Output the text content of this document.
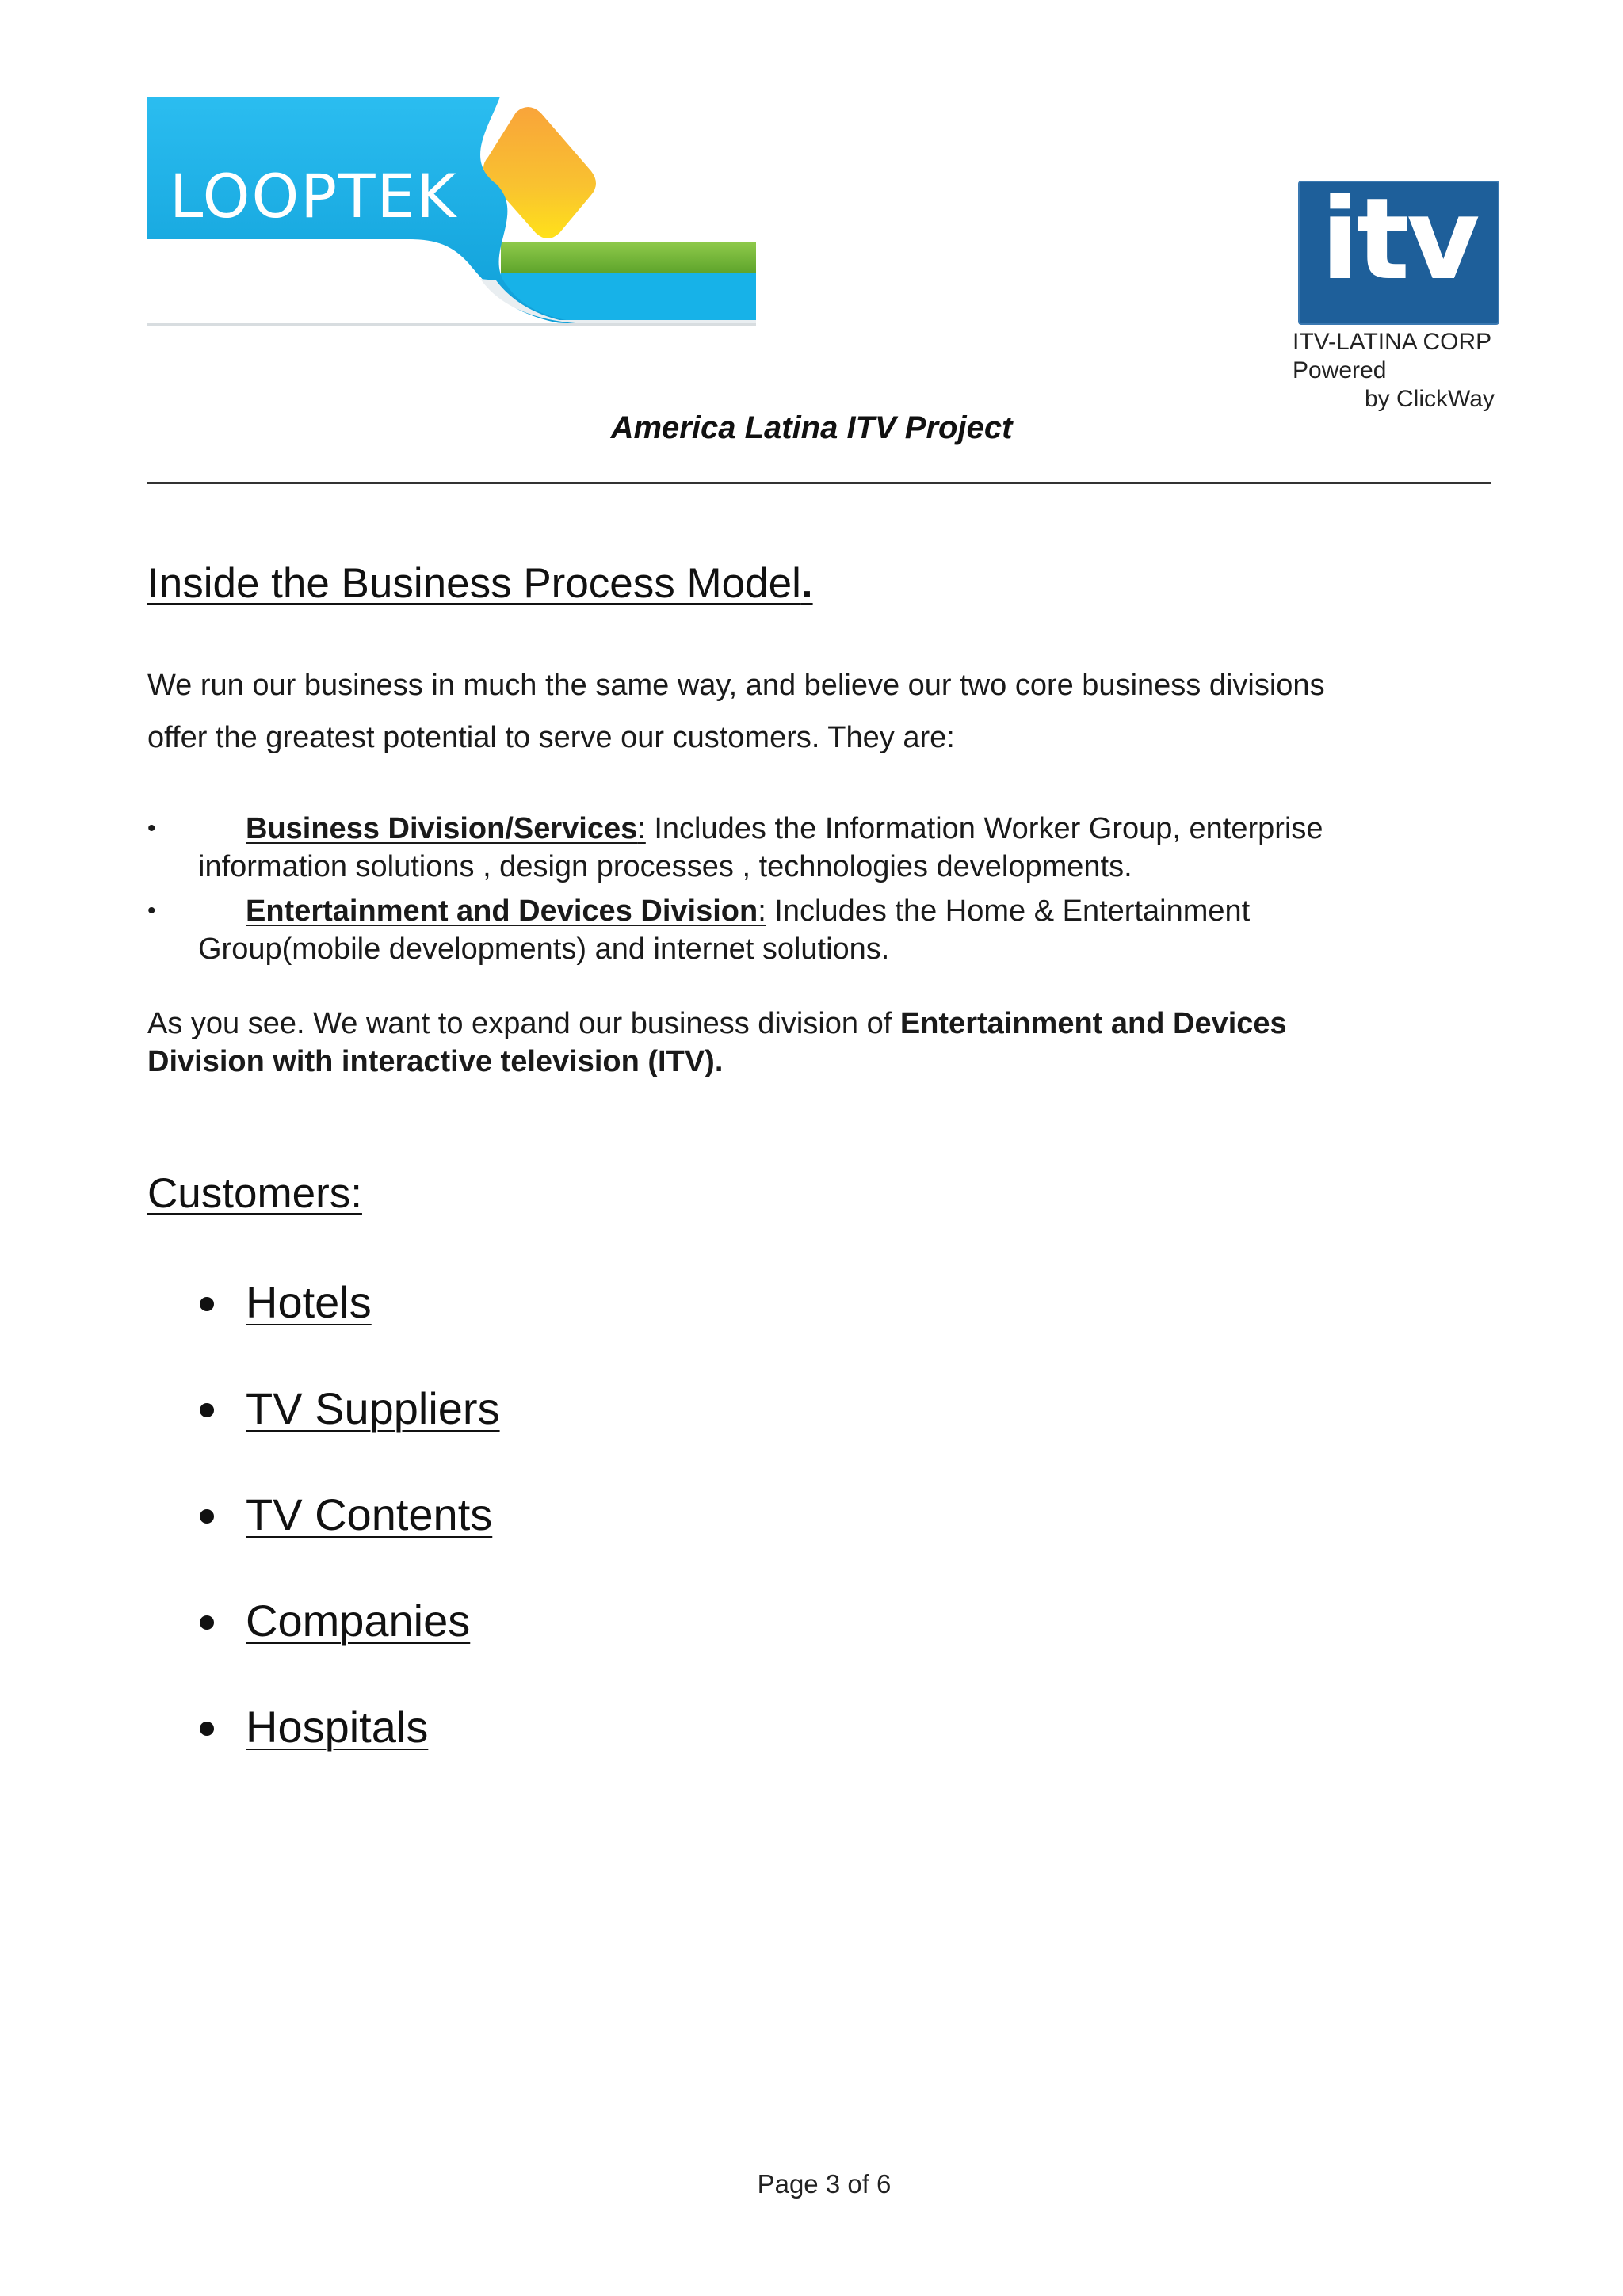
LOOPTEK	itv
ITV-LATINA CORP
Powered
by ClickWay
America Latina ITV Project
Inside the Business Process Model.
We run our business in much the same way, and believe our two core business divisions
offer the greatest potential to serve our customers. They are:
•	Business Division/Services: Includes the Information Worker Group, enterprise
information solutions , design processes , technologies developments.
•	Entertainment and Devices Division: Includes the Home & Entertainment
Group(mobile developments) and internet solutions.
As you see. We want to expand our business division of Entertainment and Devices
Division with interactive television (ITV).
Customers:
Hotels
TV Suppliers
TV Contents
Companies
Hospitals
Page 3 of 6
